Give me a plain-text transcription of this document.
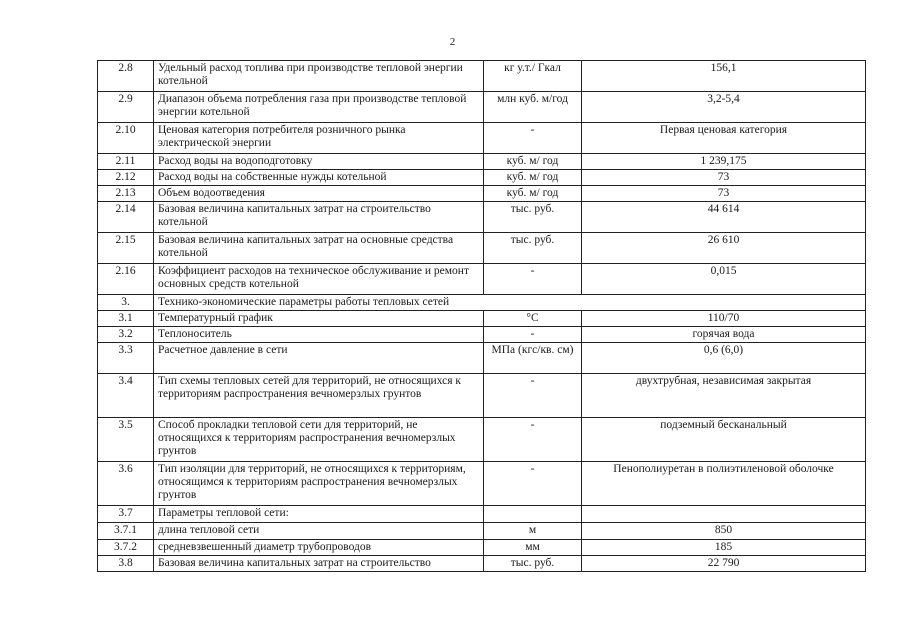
2
2.8	Удельный расход топлива при производстве тепловой энергии котельной	кг у.т./ Гкал	156,1
2.9	Диапазон объема потребления газа при производстве тепловой энергии котельной	млн куб. м/год	3,2-5,4
2.10	Ценовая категория потребителя розничного рынка электрической энергии	-	Первая ценовая категория
2.11	Расход воды на водоподготовку	куб. м/ год	1 239,175
2.12	Расход воды на собственные нужды котельной	куб. м/ год	73
2.13	Объем водоотведения	куб. м/ год	73
2.14	Базовая величина капитальных затрат на строительство котельной	тыс. руб.	44 614
2.15	Базовая величина капитальных затрат на основные средства котельной	тыс. руб.	26 610
2.16	Коэффициент расходов на техническое обслуживание и ремонт основных средств котельной	-	0,015
3.	Технико-экономические параметры работы тепловых сетей		
3.1	Температурный график	°С	110/70
3.2	Теплоноситель	-	горячая вода
3.3	Расчетное давление в сети	МПа (кгс/кв. см)	0,6 (6,0)
3.4	Тип схемы тепловых сетей для территорий, не относящихся к территориям распространения вечномерзлых грунтов	-	двухтрубная, независимая закрытая
3.5	Способ прокладки тепловой сети для территорий, не относящихся к территориям распространения вечномерзлых грунтов	-	подземный бесканальный
3.6	Тип изоляции для территорий, не относящихся к территориям, относящимся к территориям распространения вечномерзлых грунтов	-	Пенополиуретан в полиэтиленовой оболочке
3.7	Параметры тепловой сети:		
3.7.1	длина тепловой сети	м	850
3.7.2	средневзвешенный диаметр трубопроводов	мм	185
3.8	Базовая величина капитальных затрат на строительство	тыс. руб.	22 790
